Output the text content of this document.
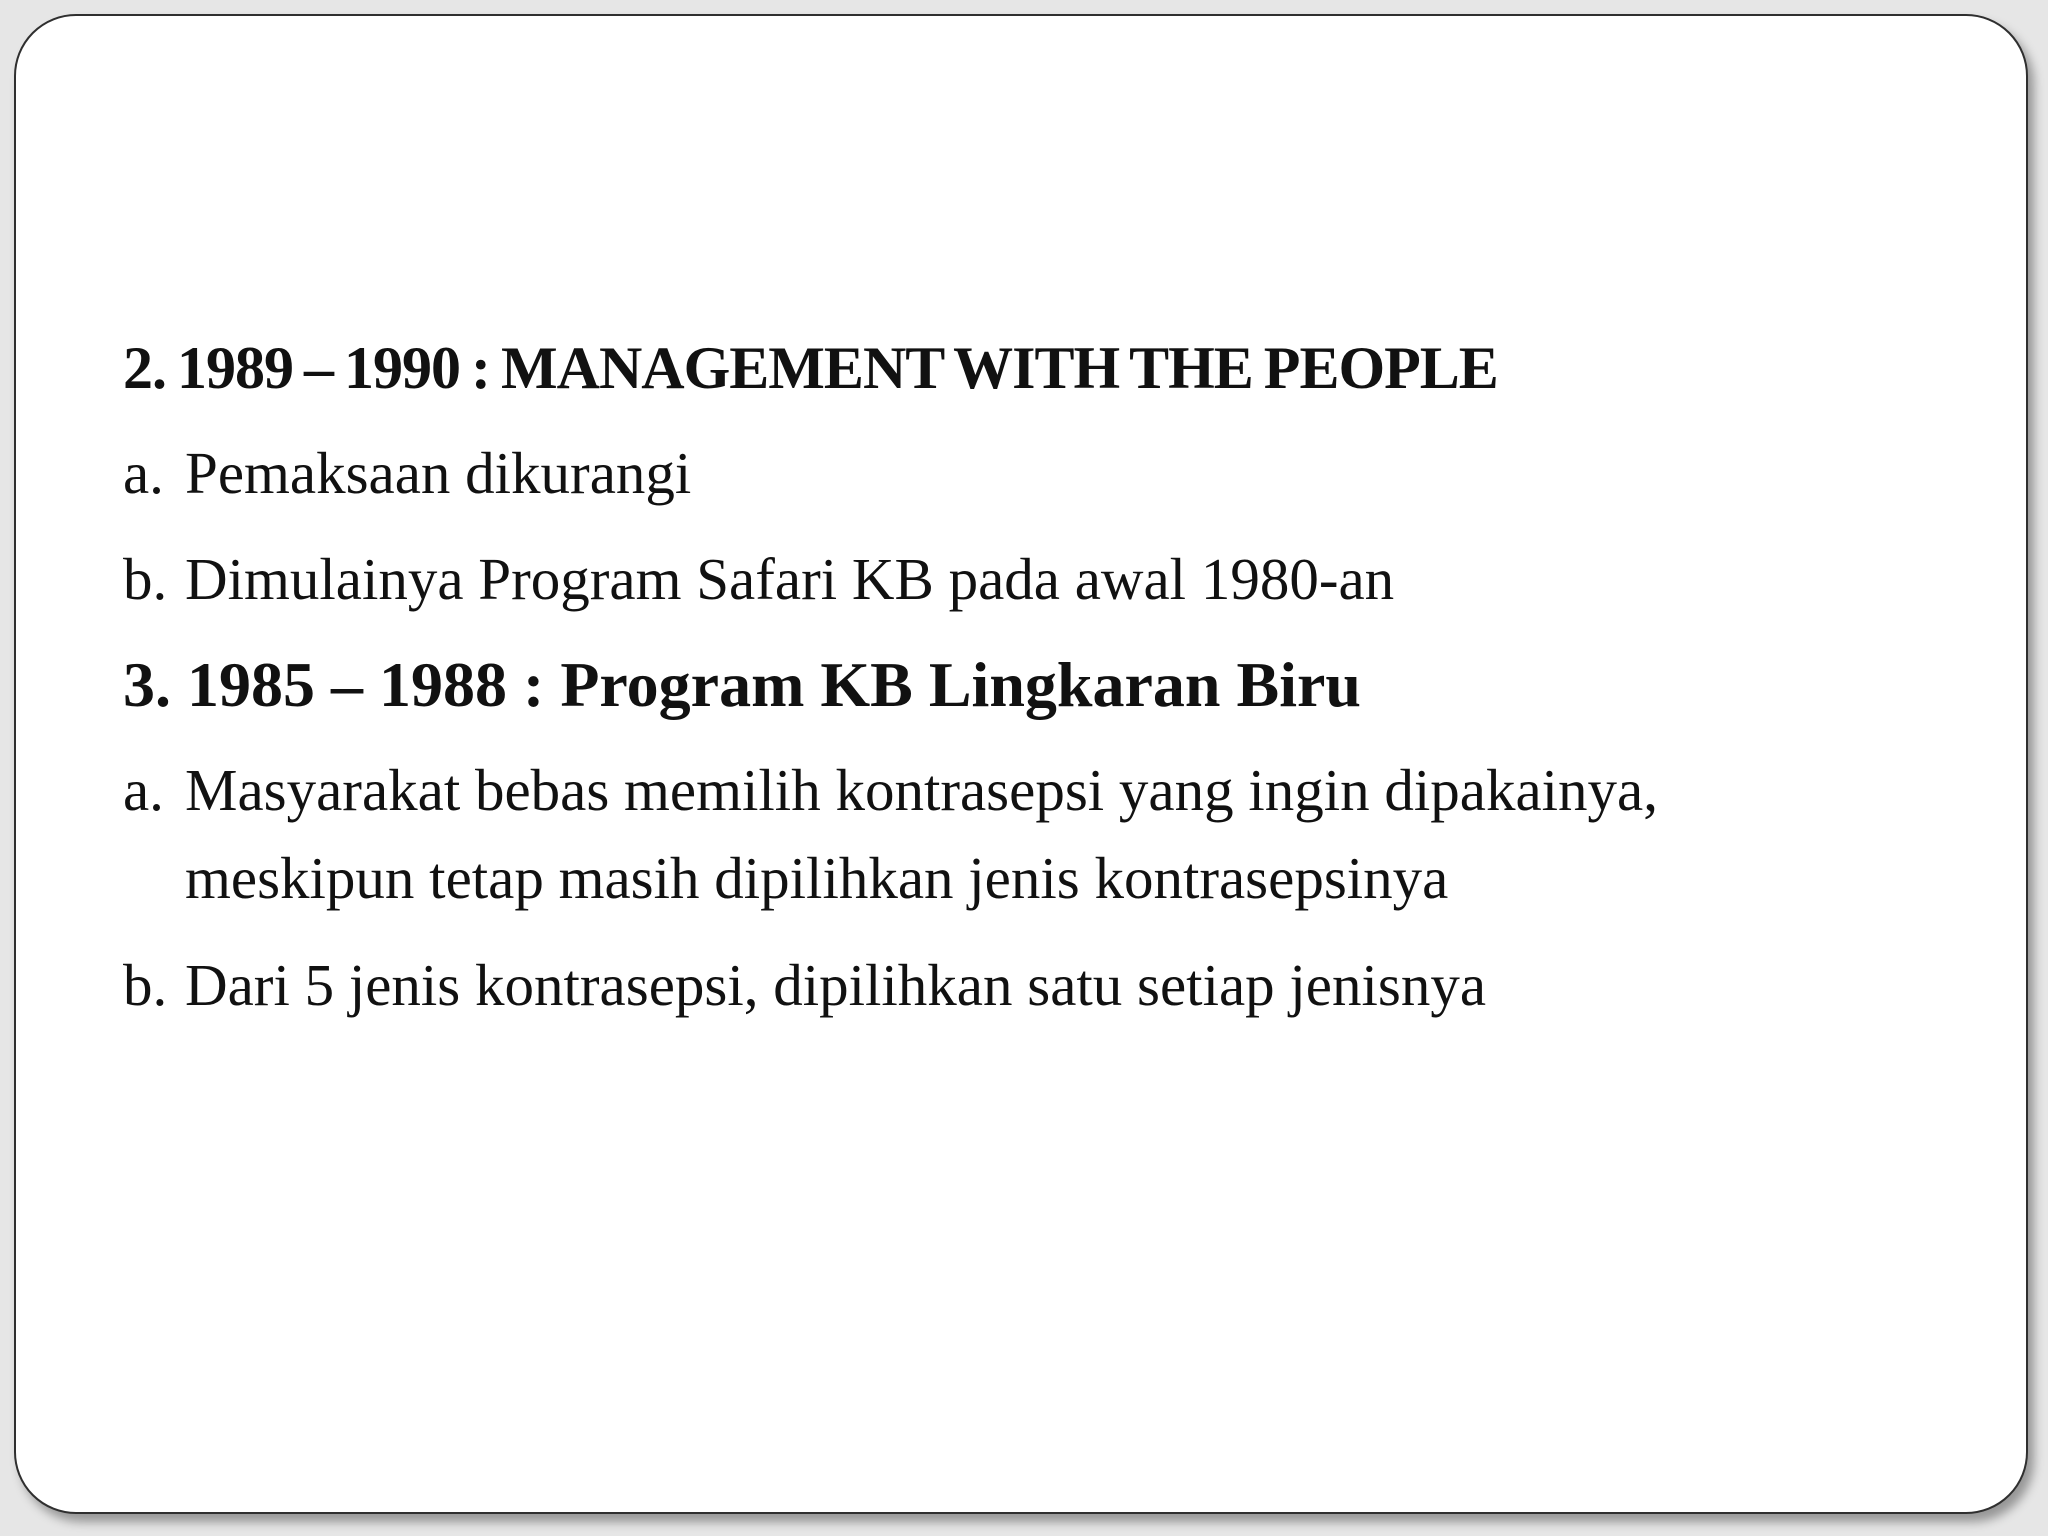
2. 1989 – 1990 : MANAGEMENT WITH THE PEOPLE
a. Pemaksaan dikurangi
b. Dimulainya Program Safari KB pada awal 1980-an
3. 1985 – 1988 : Program KB Lingkaran Biru
a. Masyarakat bebas memilih kontrasepsi yang ingin dipakainya, meskipun tetap masih dipilihkan jenis kontrasepsinya
b. Dari 5 jenis kontrasepsi, dipilihkan satu setiap jenisnya
